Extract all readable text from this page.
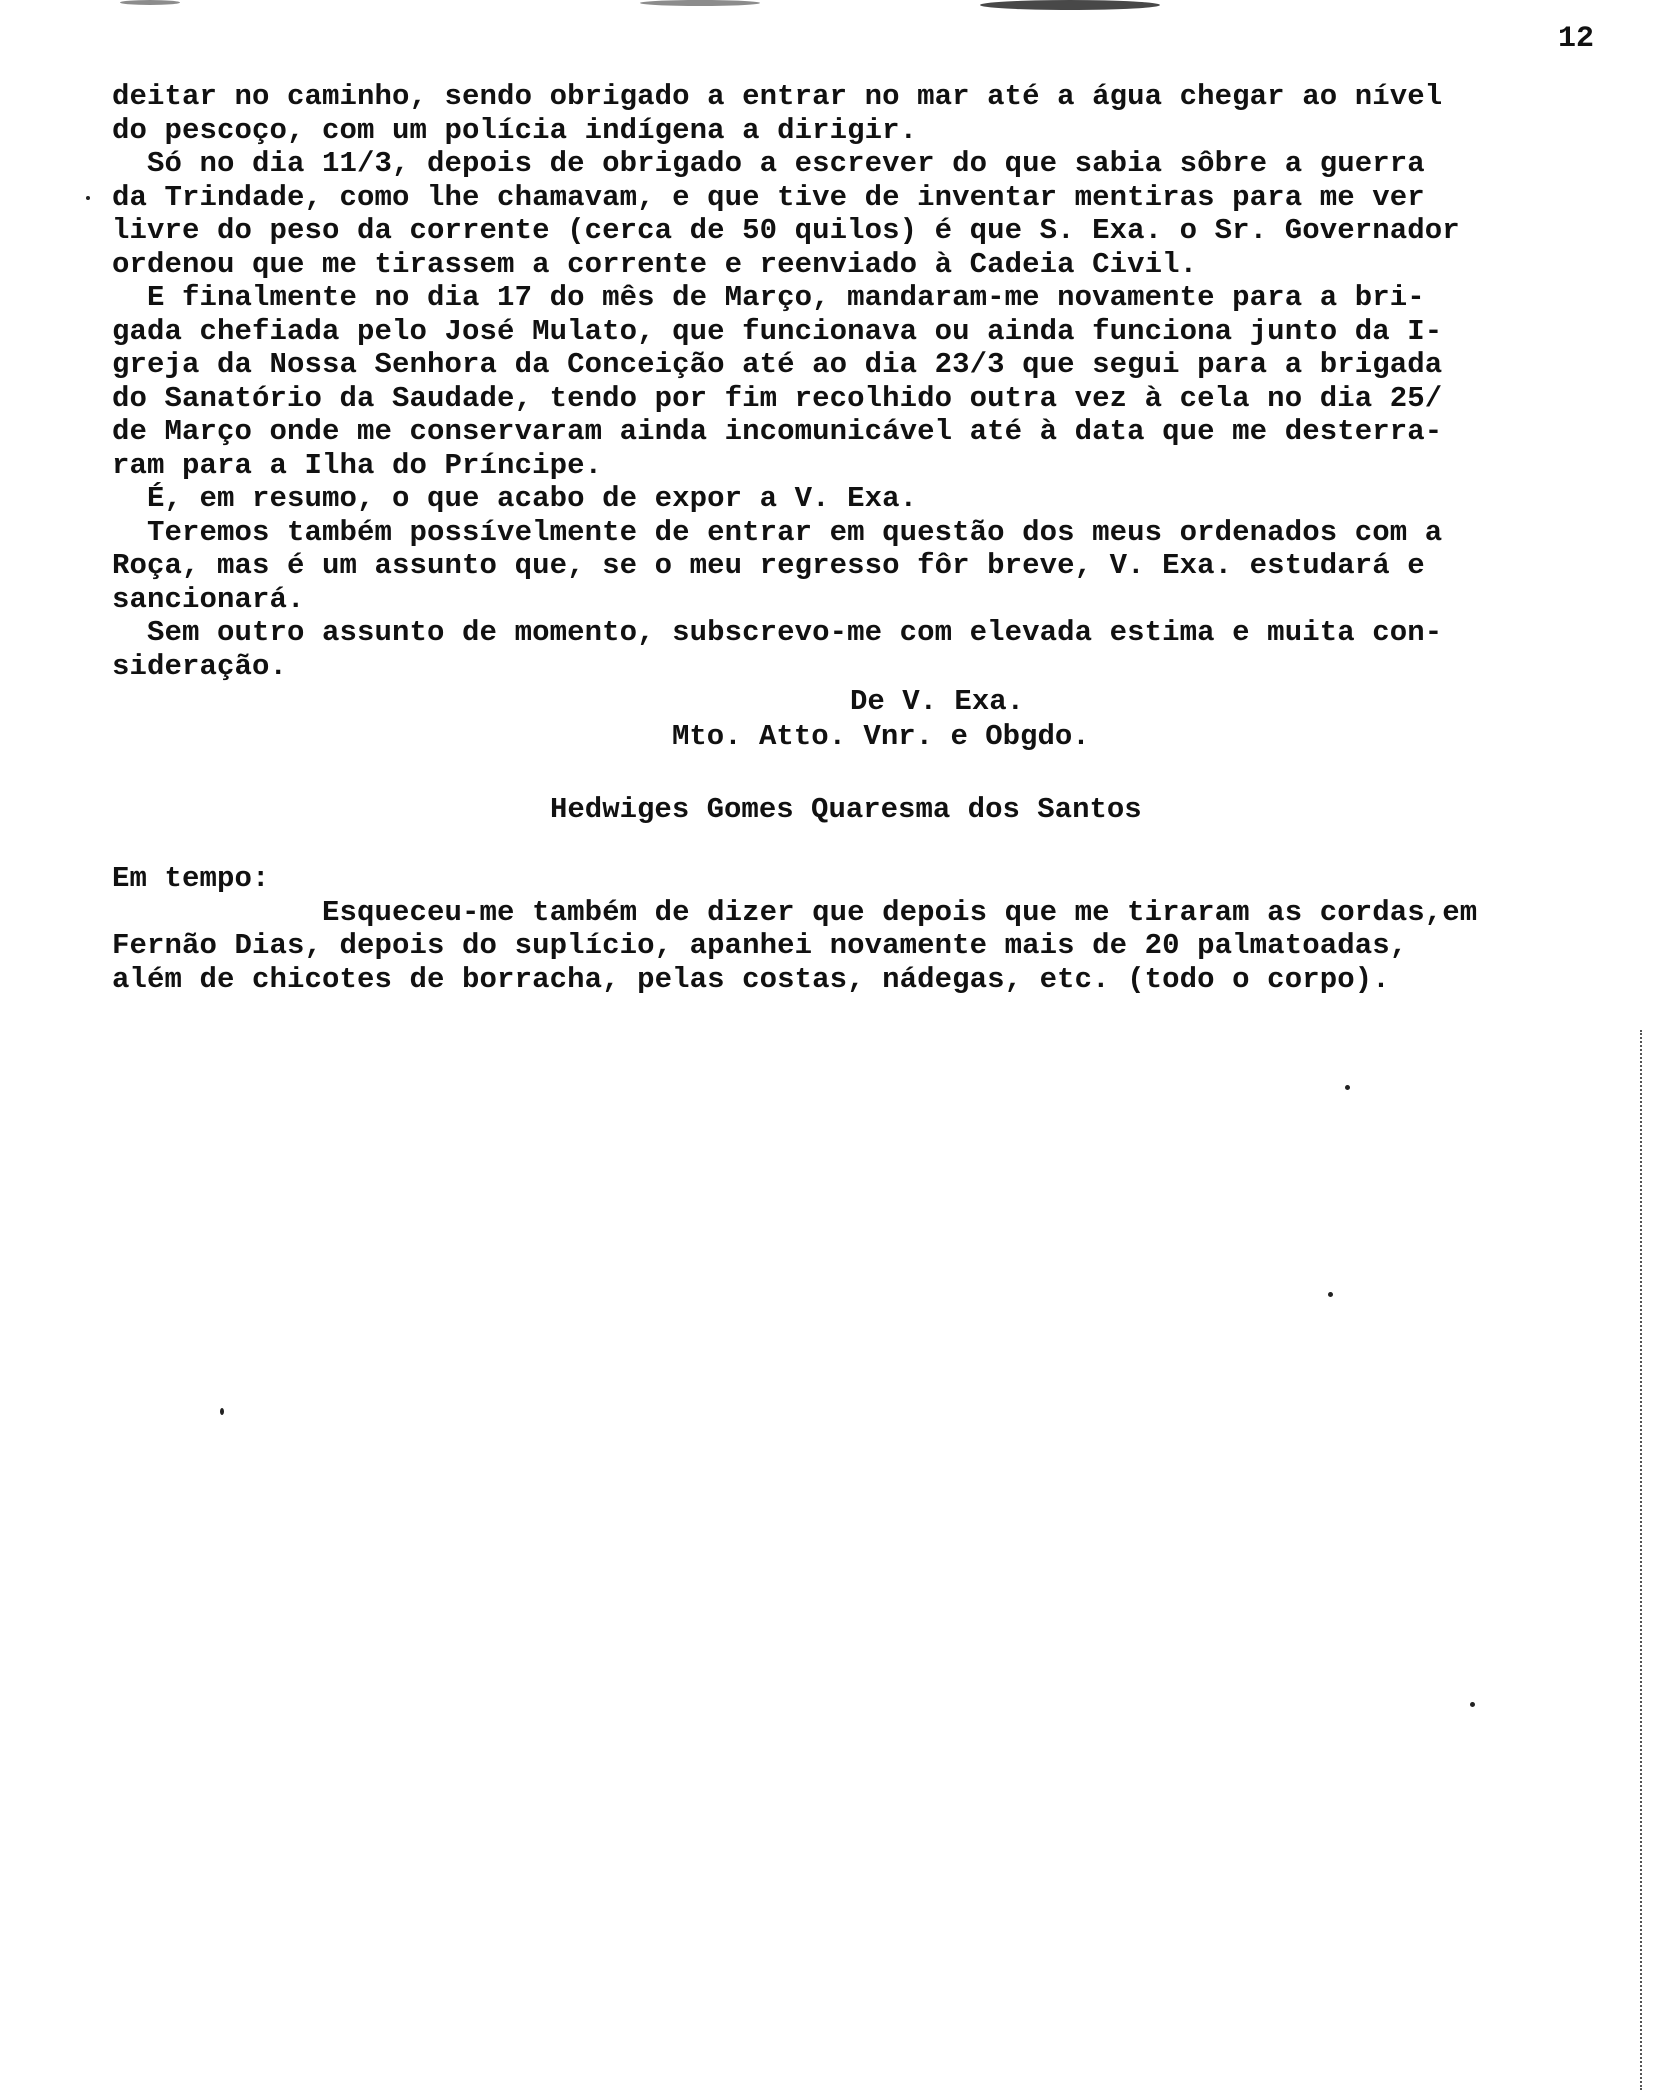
12
deitar no caminho, sendo obrigado a entrar no mar até a água chegar ao nível
do pescoço, com um polícia indígena a dirigir.
Só no dia 11/3, depois de obrigado a escrever do que sabia sôbre a guerra
da Trindade, como lhe chamavam, e que tive de inventar mentiras para me ver
livre do peso da corrente (cerca de 50 quilos) é que S. Exa. o Sr. Governador
ordenou que me tirassem a corrente e reenviado à Cadeia Civil.
E finalmente no dia 17 do mês de Março, mandaram-me novamente para a bri-
gada chefiada pelo José Mulato, que funcionava ou ainda funciona junto da I-
greja da Nossa Senhora da Conceição até ao dia 23/3 que segui para a brigada
do Sanatório da Saudade, tendo por fim recolhido outra vez à cela no dia 25/
de Março onde me conservaram ainda incomunicável até à data que me desterra-
ram para a Ilha do Príncipe.
É, em resumo, o que acabo de expor a V. Exa.
Teremos também possívelmente de entrar em questão dos meus ordenados com a
Roça, mas é um assunto que, se o meu regresso fôr breve, V. Exa. estudará e
sancionará.
Sem outro assunto de momento, subscrevo-me com elevada estima e muita con-
sideração.
De V. Exa.
Mto. Atto. Vnr. e Obgdo.
Hedwiges Gomes Quaresma dos Santos
Em tempo:
Esqueceu-me também de dizer que depois que me tiraram as cordas,em
Fernão Dias, depois do suplício, apanhei novamente mais de 20 palmatoadas,
além de chicotes de borracha, pelas costas, nádegas, etc. (todo o corpo).
